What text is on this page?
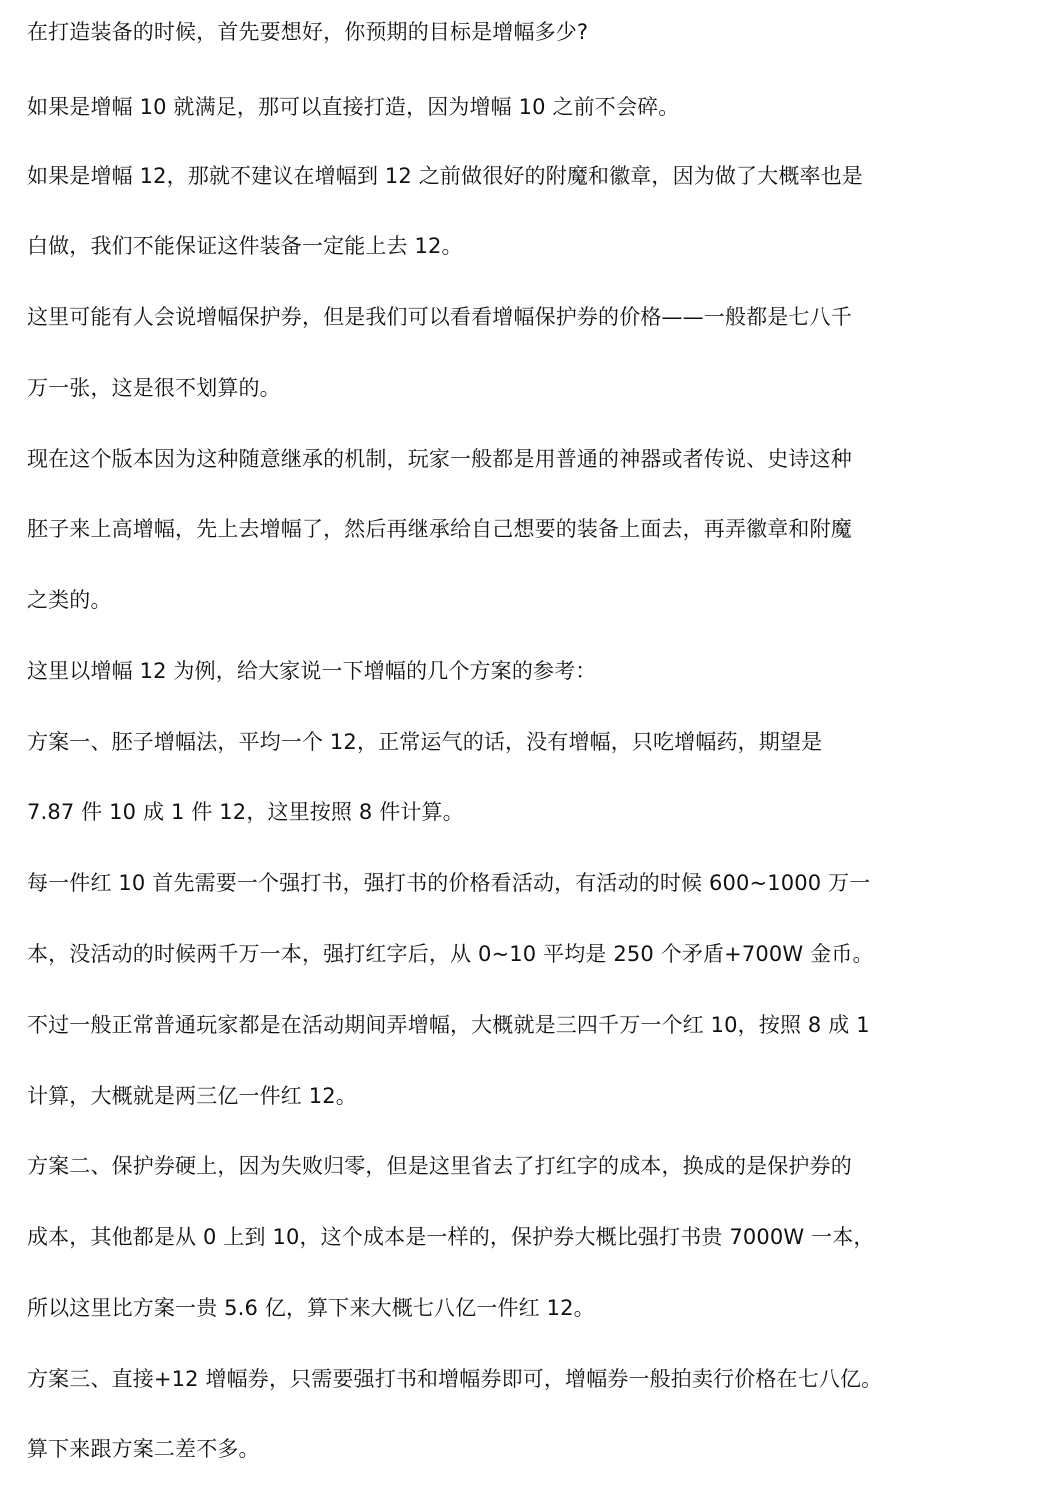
在打造装备的时候，首先要想好，你预期的目标是增幅多少?
如果是增幅 10 就满足，那可以直接打造，因为增幅 10 之前不会碎。
如果是增幅 12，那就不建议在增幅到 12 之前做很好的附魔和徽章，因为做了大概率也是
白做，我们不能保证这件装备一定能上去 12。
这里可能有人会说增幅保护券，但是我们可以看看增幅保护券的价格——一般都是七八千
万一张，这是很不划算的。
现在这个版本因为这种随意继承的机制，玩家一般都是用普通的神器或者传说、史诗这种
胚子来上高增幅，先上去增幅了，然后再继承给自己想要的装备上面去，再弄徽章和附魔
之类的。
这里以增幅 12 为例，给大家说一下增幅的几个方案的参考：
方案一、胚子增幅法，平均一个 12，正常运气的话，没有增幅，只吃增幅药，期望是
7.87 件 10 成 1 件 12，这里按照 8 件计算。
每一件红 10 首先需要一个强打书，强打书的价格看活动，有活动的时候 600~1000 万一
本，没活动的时候两千万一本，强打红字后，从 0~10 平均是 250 个矛盾+700W 金币。
不过一般正常普通玩家都是在活动期间弄增幅，大概就是三四千万一个红 10，按照 8 成 1
计算，大概就是两三亿一件红 12。
方案二、保护券硬上，因为失败归零，但是这里省去了打红字的成本，换成的是保护券的
成本，其他都是从 0 上到 10，这个成本是一样的，保护券大概比强打书贵 7000W 一本，
所以这里比方案一贵 5.6 亿，算下来大概七八亿一件红 12。
方案三、直接+12 增幅券，只需要强打书和增幅券即可，增幅券一般拍卖行价格在七八亿。
算下来跟方案二差不多。
